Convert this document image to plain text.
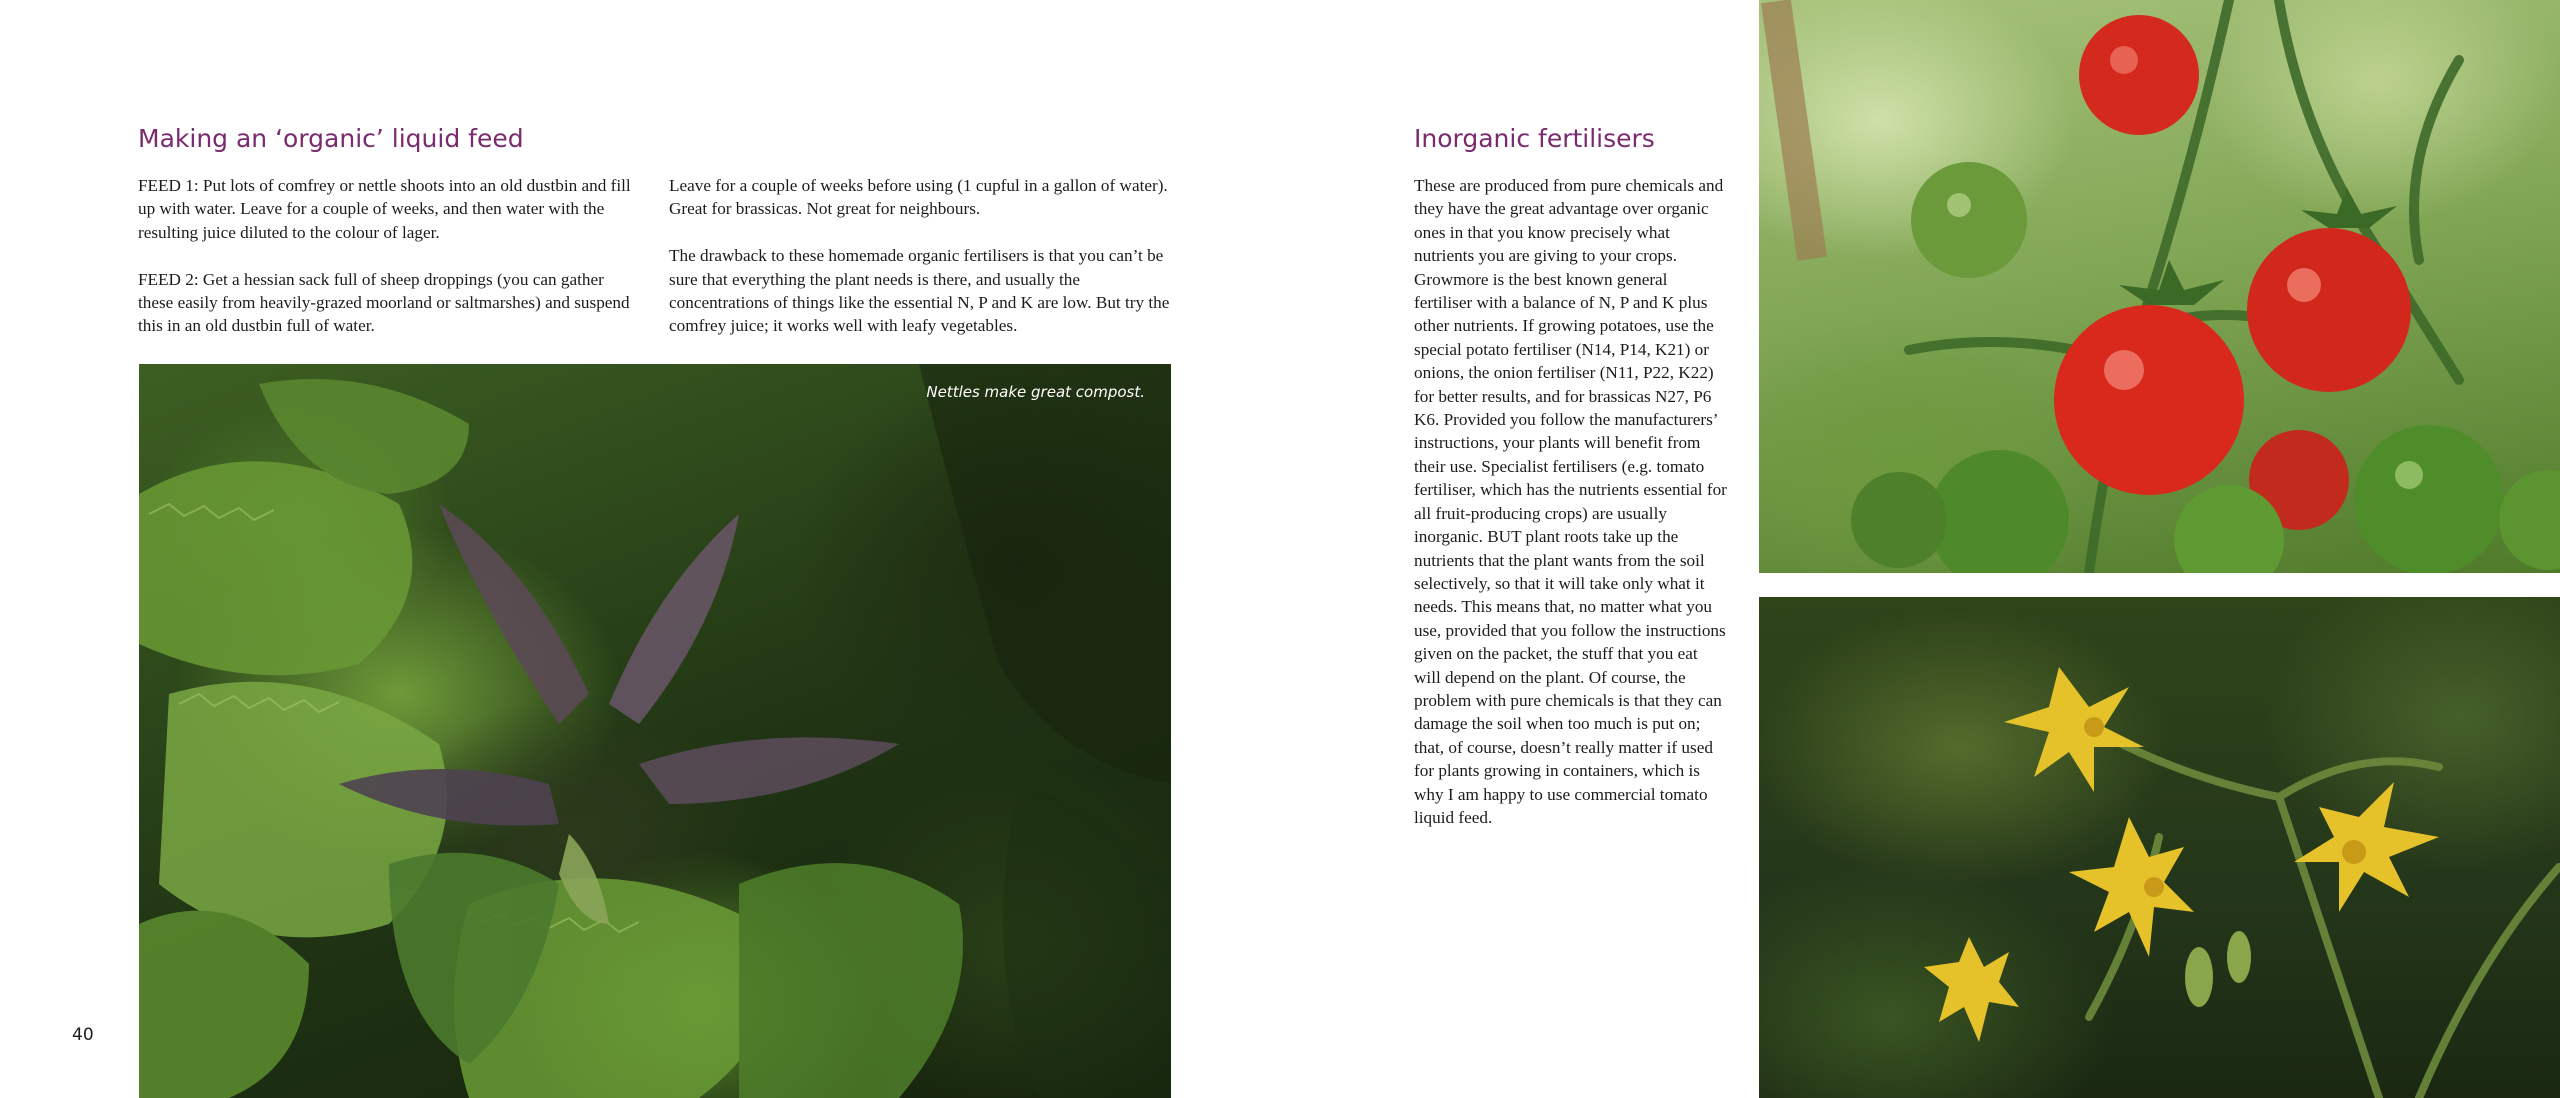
Making an ‘organic’ liquid feed

FEED 1: Put lots of comfrey or nettle shoots into an old dustbin and fill up with water. Leave for a couple of weeks, and then water with the resulting juice diluted to the colour of lager.

FEED 2: Get a hessian sack full of sheep droppings (you can gather these easily from heavily-grazed moorland or saltmarshes) and suspend this in an old dustbin full of water.

Leave for a couple of weeks before using (1 cupful in a gallon of water). Great for brassicas. Not great for neighbours.

The drawback to these homemade organic fertilisers is that you can’t be sure that everything the plant needs is there, and usually the concentrations of things like the essential N, P and K are low. But try the comfrey juice; it works well with leafy vegetables.

Nettles make great compost.

Inorganic fertilisers

These are produced from pure chemicals and they have the great advantage over organic ones in that you know precisely what nutrients you are giving to your crops. Growmore is the best known general fertiliser with a balance of N, P and K plus other nutrients. If growing potatoes, use the special potato fertiliser (N14, P14, K21) or onions, the onion fertiliser (N11, P22, K22) for better results, and for brassicas N27, P6 K6. Provided you follow the manufacturers’ instructions, your plants will benefit from their use. Specialist fertilisers (e.g. tomato fertiliser, which has the nutrients essential for all fruit-producing crops) are usually inorganic. BUT plant roots take up the nutrients that the plant wants from the soil selectively, so that it will take only what it needs. This means that, no matter what you use, provided that you follow the instructions given on the packet, the stuff that you eat will depend on the plant. Of course, the problem with pure chemicals is that they can damage the soil when too much is put on; that, of course, doesn’t really matter if used for plants growing in containers, which is why I am happy to use commercial tomato liquid feed.

40
